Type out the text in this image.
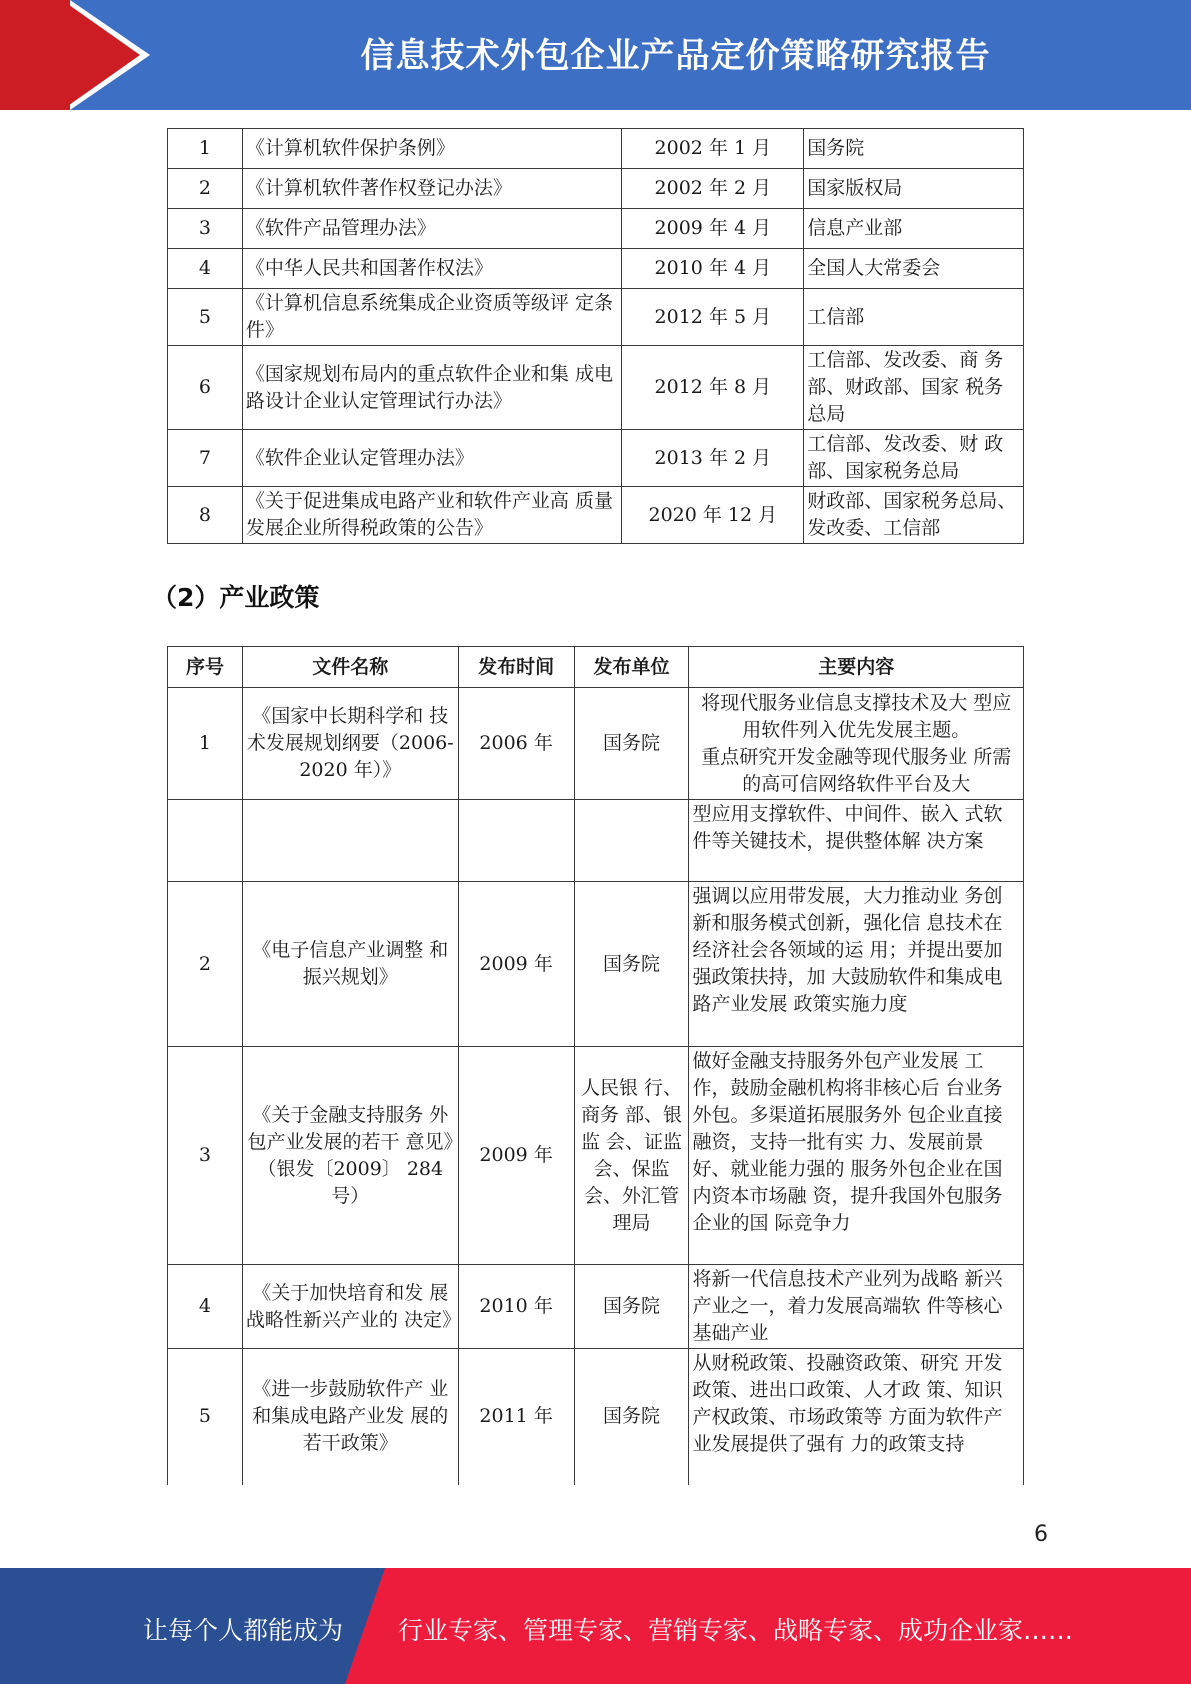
信息技术外包企业产品定价策略研究报告
1	《计算机软件保护条例》	2002 年 1 月	国务院
2	《计算机软件著作权登记办法》	2002 年 2 月	国家版权局
3	《软件产品管理办法》	2009 年 4 月	信息产业部
4	《中华人民共和国著作权法》	2010 年 4 月	全国人大常委会
5	《计算机信息系统集成企业资质等级评 定条件》	2012 年 5 月	工信部
6	《国家规划布局内的重点软件企业和集 成电路设计企业认定管理试行办法》	2012 年 8 月	工信部、发改委、商 务部、财政部、国家 税务总局
7	《软件企业认定管理办法》	2013 年 2 月	工信部、发改委、财 政部、国家税务总局
8	《关于促进集成电路产业和软件产业高 质量发展企业所得税政策的公告》	2020 年 12 月	财政部、国家税务总局、发改委、工信部
（2）产业政策
序号	文件名称	发布时间	发布单位	主要内容
1	《国家中长期科学和 技术发展规划纲要（2006-2020 年）》	2006 年	国务院	将现代服务业信息支撑技术及大 型应用软件列入优先发展主题。
重点研究开发金融等现代服务业 所需的高可信网络软件平台及大

				型应用支撑软件、中间件、嵌入 式软件等关键技术，提供整体解 决方案
2	《电子信息产业调整 和振兴规划》	2009 年	国务院	强调以应用带发展，大力推动业 务创新和服务模式创新，强化信 息技术在经济社会各领域的运 用；并提出要加强政策扶持，加 大鼓励软件和集成电路产业发展 政策实施力度
3	《关于金融支持服务 外包产业发展的若干 意见》（银发〔2009〕 284 号）	2009 年	人民银 行、商务 部、银监 会、证监会、保监会、外汇管理局	做好金融支持服务外包产业发展 工作，鼓励金融机构将非核心后 台业务外包。多渠道拓展服务外 包企业直接融资，支持一批有实 力、发展前景好、就业能力强的 服务外包企业在国内资本市场融 资，提升我国外包服务企业的国 际竞争力
4	《关于加快培育和发 展战略性新兴产业的 决定》	2010 年	国务院	将新一代信息技术产业列为战略 新兴产业之一，着力发展高端软 件等核心基础产业
5	《进一步鼓励软件产 业和集成电路产业发 展的若干政策》	2011 年	国务院	从财税政策、投融资政策、研究 开发政策、进出口政策、人才政 策、知识产权政策、市场政策等 方面为软件产业发展提供了强有 力的政策支持
6
让每个人都能成为 行业专家、管理专家、营销专家、战略专家、成功企业家……
